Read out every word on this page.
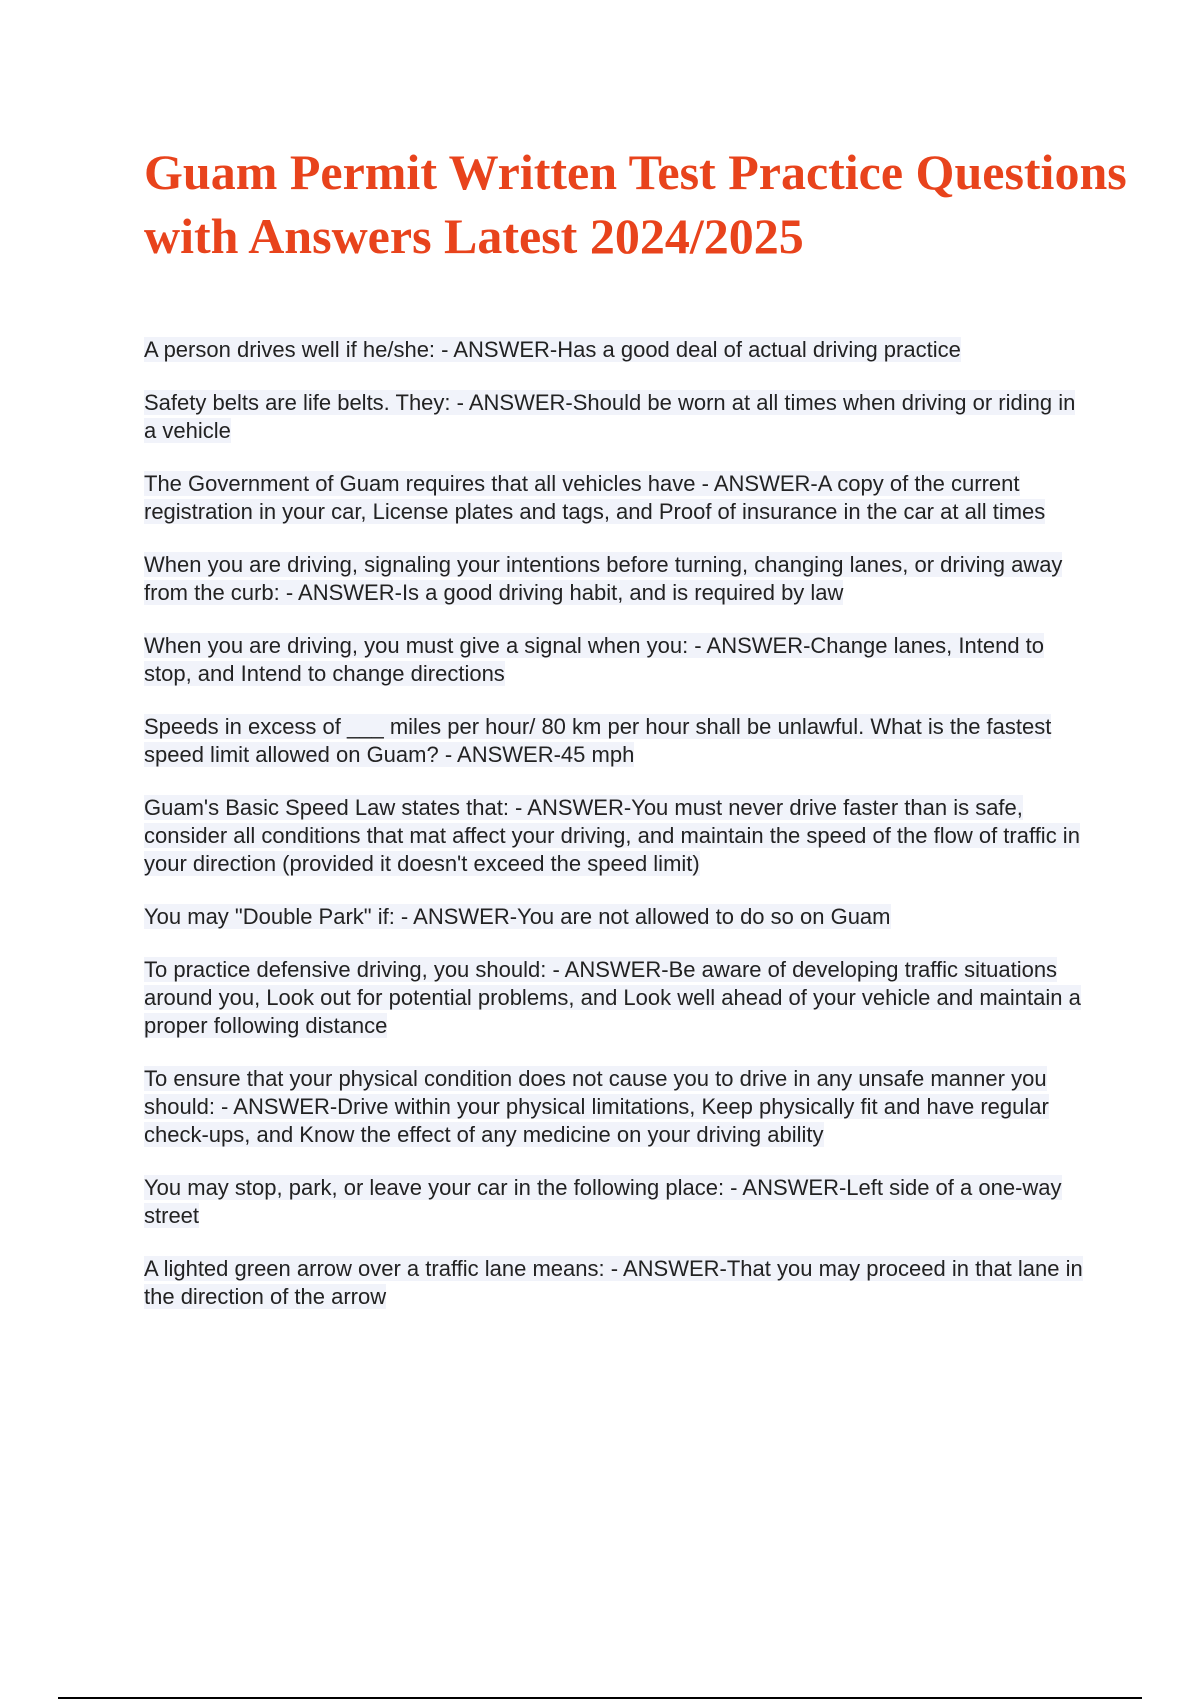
Guam Permit Written Test Practice Questions with Answers Latest 2024/2025
A person drives well if he/she: - ANSWER-Has a good deal of actual driving practice
Safety belts are life belts. They: - ANSWER-Should be worn at all times when driving or riding in a vehicle
The Government of Guam requires that all vehicles have - ANSWER-A copy of the current registration in your car, License plates and tags, and Proof of insurance in the car at all times
When you are driving, signaling your intentions before turning, changing lanes, or driving away from the curb: - ANSWER-Is a good driving habit, and is required by law
When you are driving, you must give a signal when you: - ANSWER-Change lanes, Intend to stop, and Intend to change directions
Speeds in excess of ___ miles per hour/ 80 km per hour shall be unlawful. What is the fastest speed limit allowed on Guam? - ANSWER-45 mph
Guam's Basic Speed Law states that: - ANSWER-You must never drive faster than is safe, consider all conditions that mat affect your driving, and maintain the speed of the flow of traffic in your direction (provided it doesn't exceed the speed limit)
You may "Double Park" if: - ANSWER-You are not allowed to do so on Guam
To practice defensive driving, you should: - ANSWER-Be aware of developing traffic situations around you, Look out for potential problems, and Look well ahead of your vehicle and maintain a proper following distance
To ensure that your physical condition does not cause you to drive in any unsafe manner you should: - ANSWER-Drive within your physical limitations, Keep physically fit and have regular check-ups, and Know the effect of any medicine on your driving ability
You may stop, park, or leave your car in the following place: - ANSWER-Left side of a one-way street
A lighted green arrow over a traffic lane means: - ANSWER-That you may proceed in that lane in the direction of the arrow
